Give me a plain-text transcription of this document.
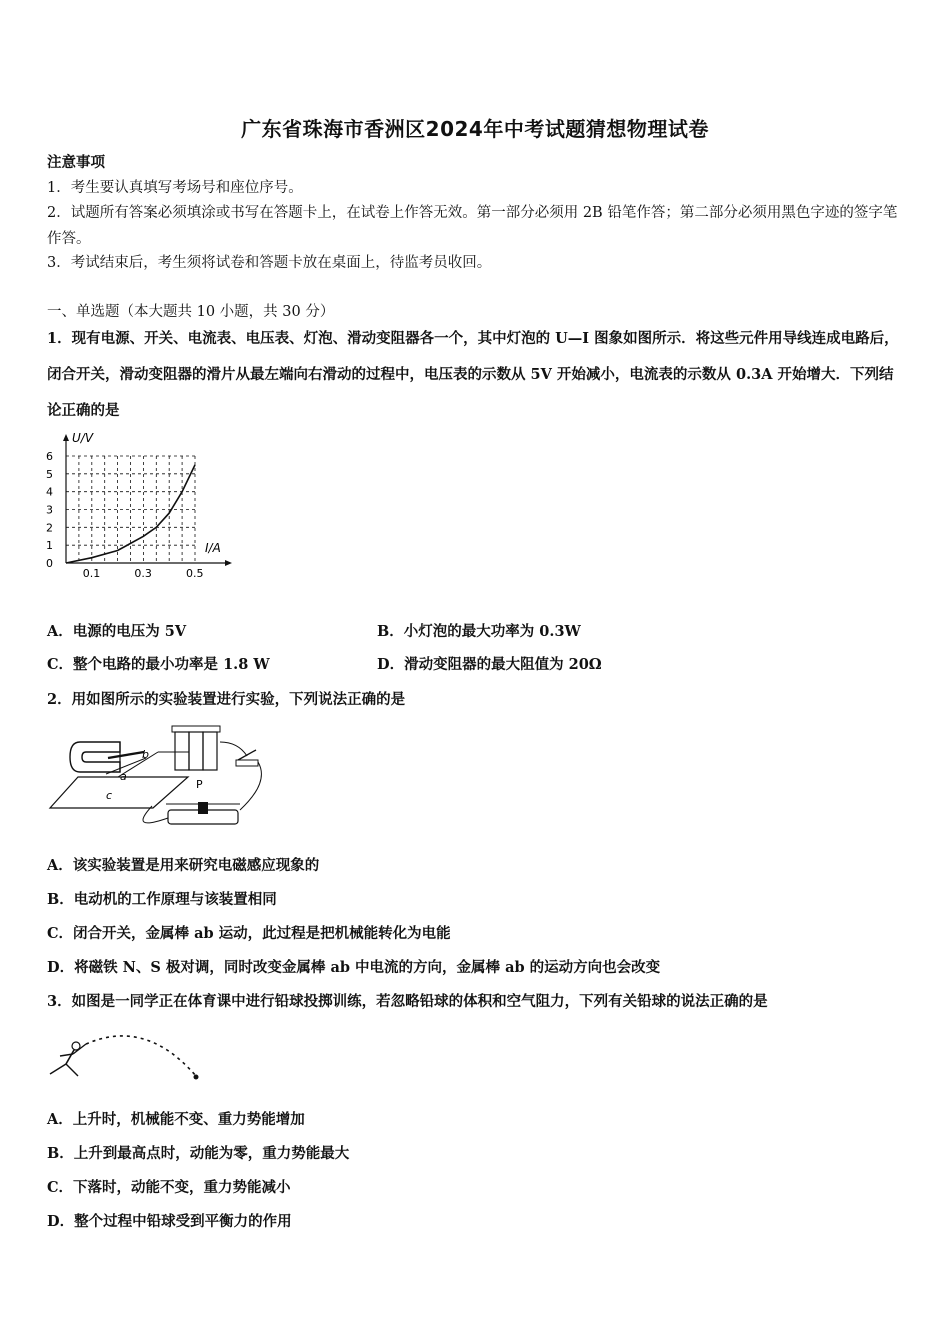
广东省珠海市香洲区2024年中考试题猜想物理试卷
注意事项
1．考生要认真填写考场号和座位序号。
2．试题所有答案必须填涂或书写在答题卡上，在试卷上作答无效。第一部分必须用 2B 铅笔作答；第二部分必须用黑色字迹的签字笔作答。
3．考试结束后，考生须将试卷和答题卡放在桌面上，待监考员收回。
一、单选题（本大题共 10 小题，共 30 分）
1．现有电源、开关、电流表、电压表、灯泡、滑动变阻器各一个，其中灯泡的 U—I 图象如图所示．将这些元件用导线连成电路后，闭合开关，滑动变阻器的滑片从最左端向右滑动的过程中，电压表的示数从 5V 开始减小，电流表的示数从 0.3A 开始增大．下列结论正确的是
U/V
I/A
0
1
2
3
4
5
6
0.1	0.3	0.5
A．电源的电压为 5V	B．小灯泡的最大功率为 0.3W
C．整个电路的最小功率是 1.8 W	D．滑动变阻器的最大阻值为 20Ω
2．用如图所示的实验装置进行实验，下列说法正确的是
b
a
c
P
A．该实验装置是用来研究电磁感应现象的
B．电动机的工作原理与该装置相同
C．闭合开关，金属棒 ab 运动，此过程是把机械能转化为电能
D．将磁铁 N、S 极对调，同时改变金属棒 ab 中电流的方向，金属棒 ab 的运动方向也会改变
3．如图是一同学正在体育课中进行铅球投掷训练，若忽略铅球的体积和空气阻力，下列有关铅球的说法正确的是
A．上升时，机械能不变、重力势能增加
B．上升到最高点时，动能为零，重力势能最大
C．下落时，动能不变，重力势能减小
D．整个过程中铅球受到平衡力的作用
